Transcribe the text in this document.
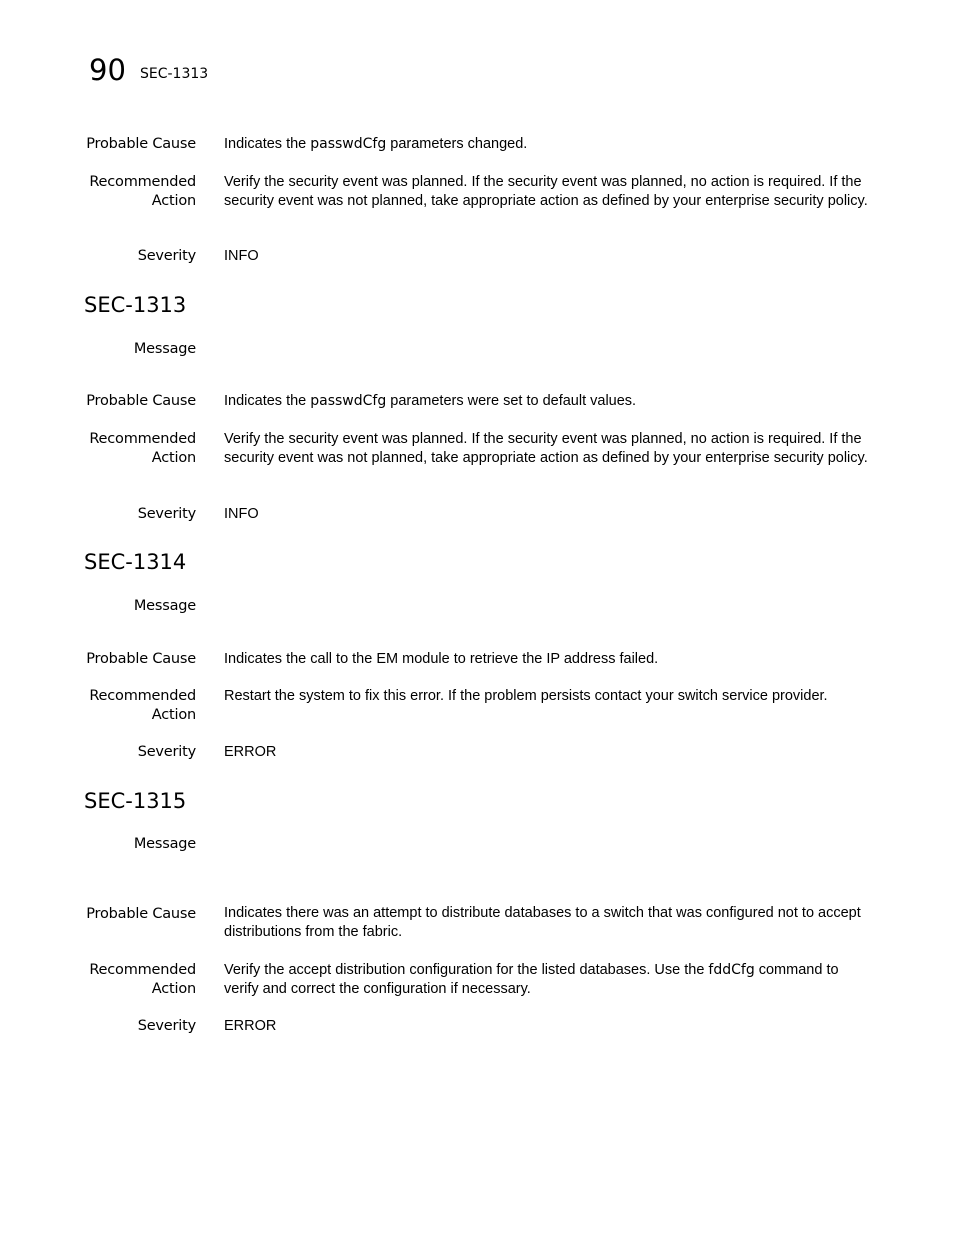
90 SEC-1313
Probable Cause Indicates the passwdCfg parameters changed.
Recommended
Action
Verify the security event was planned. If the security event was planned, no action is required. If the security event was not planned, take appropriate action as defined by your enterprise security policy.
Severity INFO
SEC-1313
Message
Probable Cause Indicates the passwdCfg parameters were set to default values.
Recommended
Action
Verify the security event was planned. If the security event was planned, no action is required. If the security event was not planned, take appropriate action as defined by your enterprise security policy.
Severity INFO
SEC-1314
Message
Probable Cause Indicates the call to the EM module to retrieve the IP address failed.
Recommended
Action
Restart the system to fix this error. If the problem persists contact your switch service provider.
Severity ERROR
SEC-1315
Message
Probable Cause Indicates there was an attempt to distribute databases to a switch that was configured not to accept distributions from the fabric.
Recommended
Action
Verify the accept distribution configuration for the listed databases. Use the fddCfg command to verify and correct the configuration if necessary.
Severity ERROR
